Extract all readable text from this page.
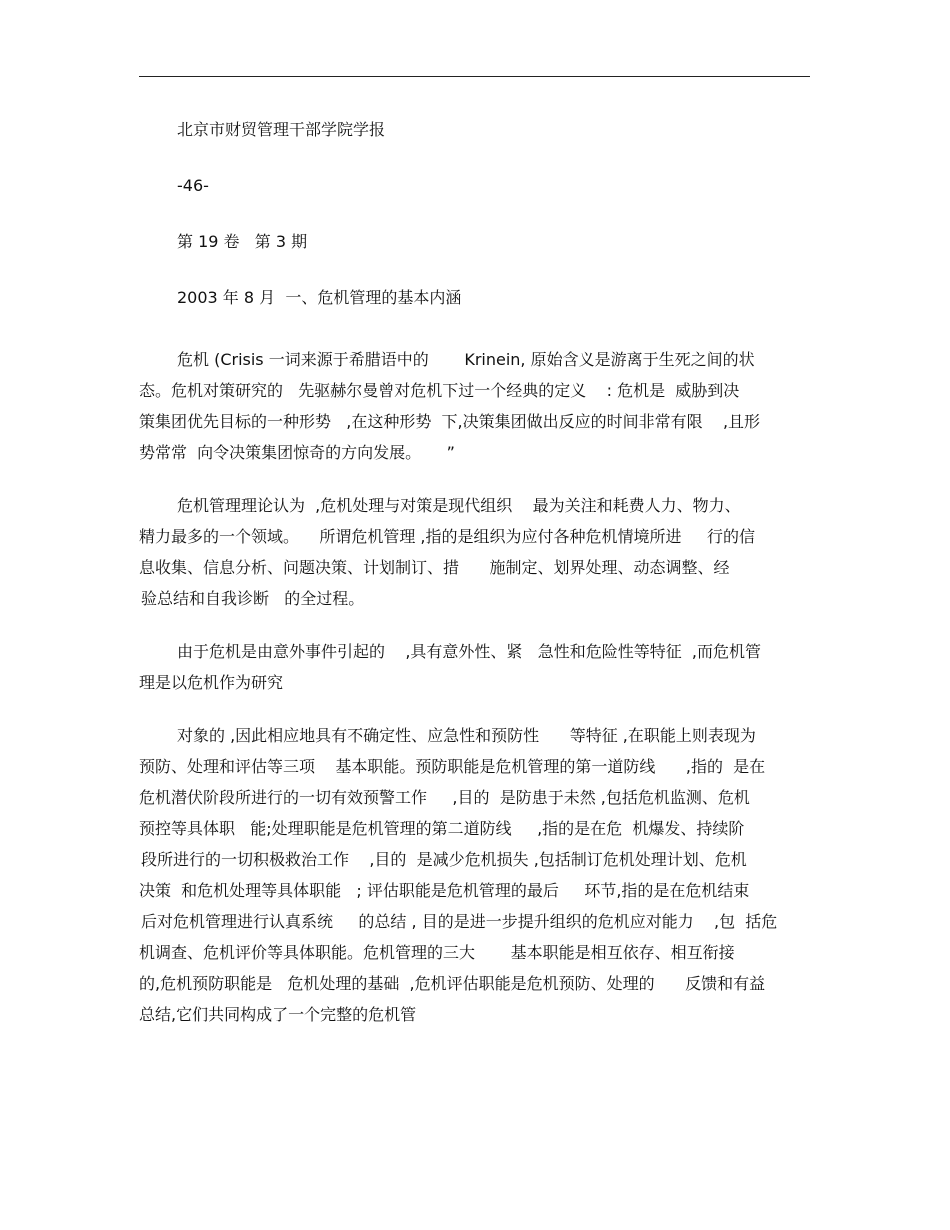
北京市财贸管理干部学院学报
-46-
第 19 卷   第 3 期
2003 年 8 月  一、危机管理的基本内涵
危机 (Crisis 一词来源于希腊语中的       Krinein, 原始含义是游离于生死之间的状
态。危机对策研究的   先驱赫尔曼曾对危机下过一个经典的定义    : 危机是  威胁到决
策集团优先目标的一种形势   ,在这种形势  下,决策集团做出反应的时间非常有限    ,且形
势常常  向令决策集团惊奇的方向发展。     ”
危机管理理论认为  ,危机处理与对策是现代组织    最为关注和耗费人力、物力、
精力最多的一个领域。    所谓危机管理 ,指的是组织为应付各种危机情境所进     行的信
息收集、信息分析、问题决策、计划制订、措      施制定、划界处理、动态调整、经
验总结和自我诊断   的全过程。
由于危机是由意外事件引起的    ,具有意外性、紧   急性和危险性等特征  ,而危机管
理是以危机作为研究
对象的 ,因此相应地具有不确定性、应急性和预防性      等特征 ,在职能上则表现为
预防、处理和评估等三项    基本职能。预防职能是危机管理的第一道防线      ,指的  是在
危机潜伏阶段所进行的一切有效预警工作     ,目的  是防患于未然 ,包括危机监测、危机
预控等具体职   能;处理职能是危机管理的第二道防线     ,指的是在危  机爆发、持续阶
段所进行的一切积极救治工作    ,目的  是减少危机损失 ,包括制订危机处理计划、危机
决策  和危机处理等具体职能   ; 评估职能是危机管理的最后     环节,指的是在危机结束
后对危机管理进行认真系统     的总结 , 目的是进一步提升组织的危机应对能力    ,包  括危
机调查、危机评价等具体职能。危机管理的三大       基本职能是相互依存、相互衔接
的,危机预防职能是   危机处理的基础  ,危机评估职能是危机预防、处理的      反馈和有益
总结,它们共同构成了一个完整的危机管
